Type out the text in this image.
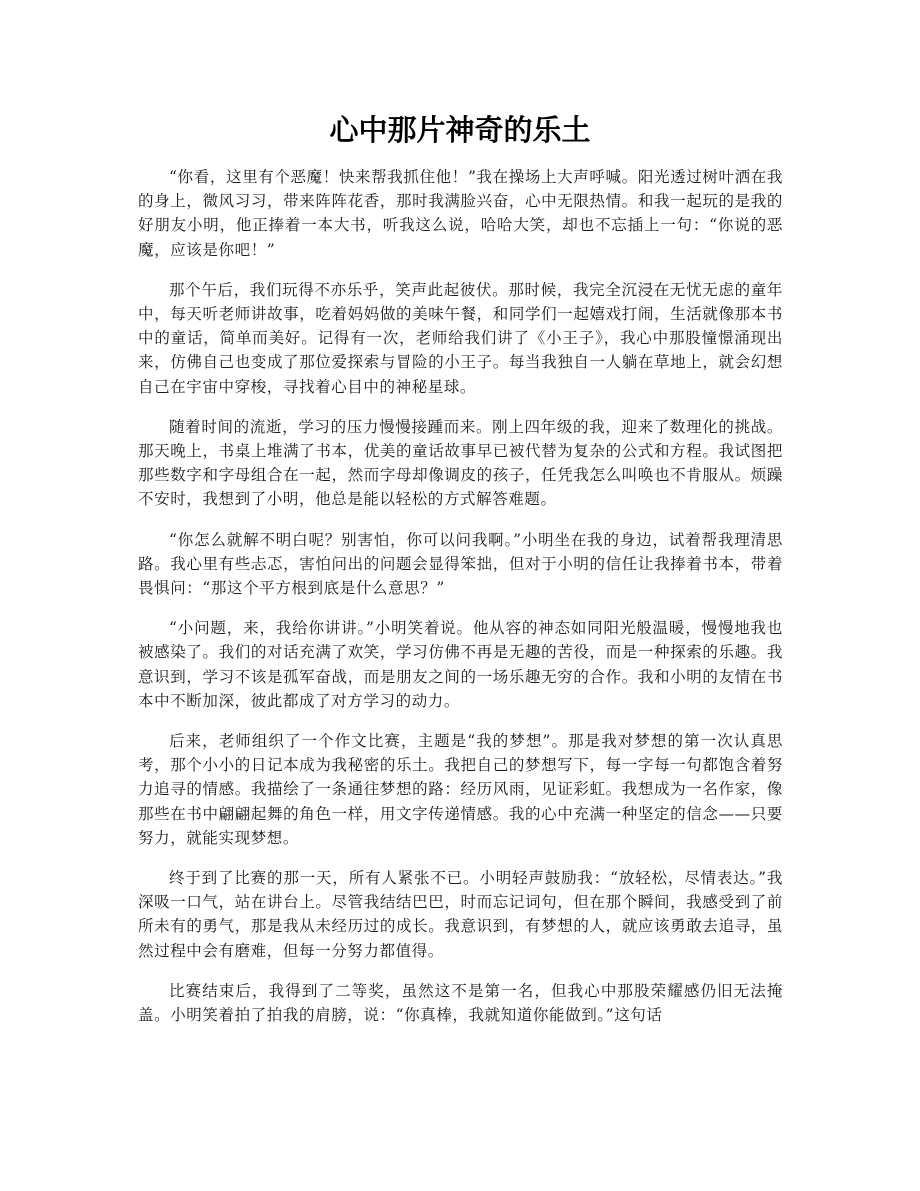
心中那片神奇的乐土

“你看，这里有个恶魔！快来帮我抓住他！”我在操场上大声呼喊。阳光透过树叶洒在我的身上，微风习习，带来阵阵花香，那时我满脸兴奋，心中无限热情。和我一起玩的是我的好朋友小明，他正捧着一本大书，听我这么说，哈哈大笑，却也不忘插上一句：“你说的恶魔，应该是你吧！”

那个午后，我们玩得不亦乐乎，笑声此起彼伏。那时候，我完全沉浸在无忧无虑的童年中，每天听老师讲故事，吃着妈妈做的美味午餐，和同学们一起嬉戏打闹，生活就像那本书中的童话，简单而美好。记得有一次，老师给我们讲了《小王子》，我心中那股憧憬涌现出来，仿佛自己也变成了那位爱探索与冒险的小王子。每当我独自一人躺在草地上，就会幻想自己在宇宙中穿梭，寻找着心目中的神秘星球。

随着时间的流逝，学习的压力慢慢接踵而来。刚上四年级的我，迎来了数理化的挑战。那天晚上，书桌上堆满了书本，优美的童话故事早已被代替为复杂的公式和方程。我试图把那些数字和字母组合在一起，然而字母却像调皮的孩子，任凭我怎么叫唤也不肯服从。烦躁不安时，我想到了小明，他总是能以轻松的方式解答难题。

“你怎么就解不明白呢？别害怕，你可以问我啊。”小明坐在我的身边，试着帮我理清思路。我心里有些忐忑，害怕问出的问题会显得笨拙，但对于小明的信任让我捧着书本，带着畏惧问：“那这个平方根到底是什么意思？”

“小问题，来，我给你讲讲。”小明笑着说。他从容的神态如同阳光般温暖，慢慢地我也被感染了。我们的对话充满了欢笑，学习仿佛不再是无趣的苦役，而是一种探索的乐趣。我意识到，学习不该是孤军奋战，而是朋友之间的一场乐趣无穷的合作。我和小明的友情在书本中不断加深，彼此都成了对方学习的动力。

后来，老师组织了一个作文比赛，主题是“我的梦想”。那是我对梦想的第一次认真思考，那个小小的日记本成为我秘密的乐土。我把自己的梦想写下，每一字每一句都饱含着努力追寻的情感。我描绘了一条通往梦想的路：经历风雨，见证彩虹。我想成为一名作家，像那些在书中翩翩起舞的角色一样，用文字传递情感。我的心中充满一种坚定的信念——只要努力，就能实现梦想。

终于到了比赛的那一天，所有人紧张不已。小明轻声鼓励我：“放轻松，尽情表达。”我深吸一口气，站在讲台上。尽管我结结巴巴，时而忘记词句，但在那个瞬间，我感受到了前所未有的勇气，那是我从未经历过的成长。我意识到，有梦想的人，就应该勇敢去追寻，虽然过程中会有磨难，但每一分努力都值得。

比赛结束后，我得到了二等奖，虽然这不是第一名，但我心中那股荣耀感仍旧无法掩盖。小明笑着拍了拍我的肩膀，说：“你真棒，我就知道你能做到。”这句话
